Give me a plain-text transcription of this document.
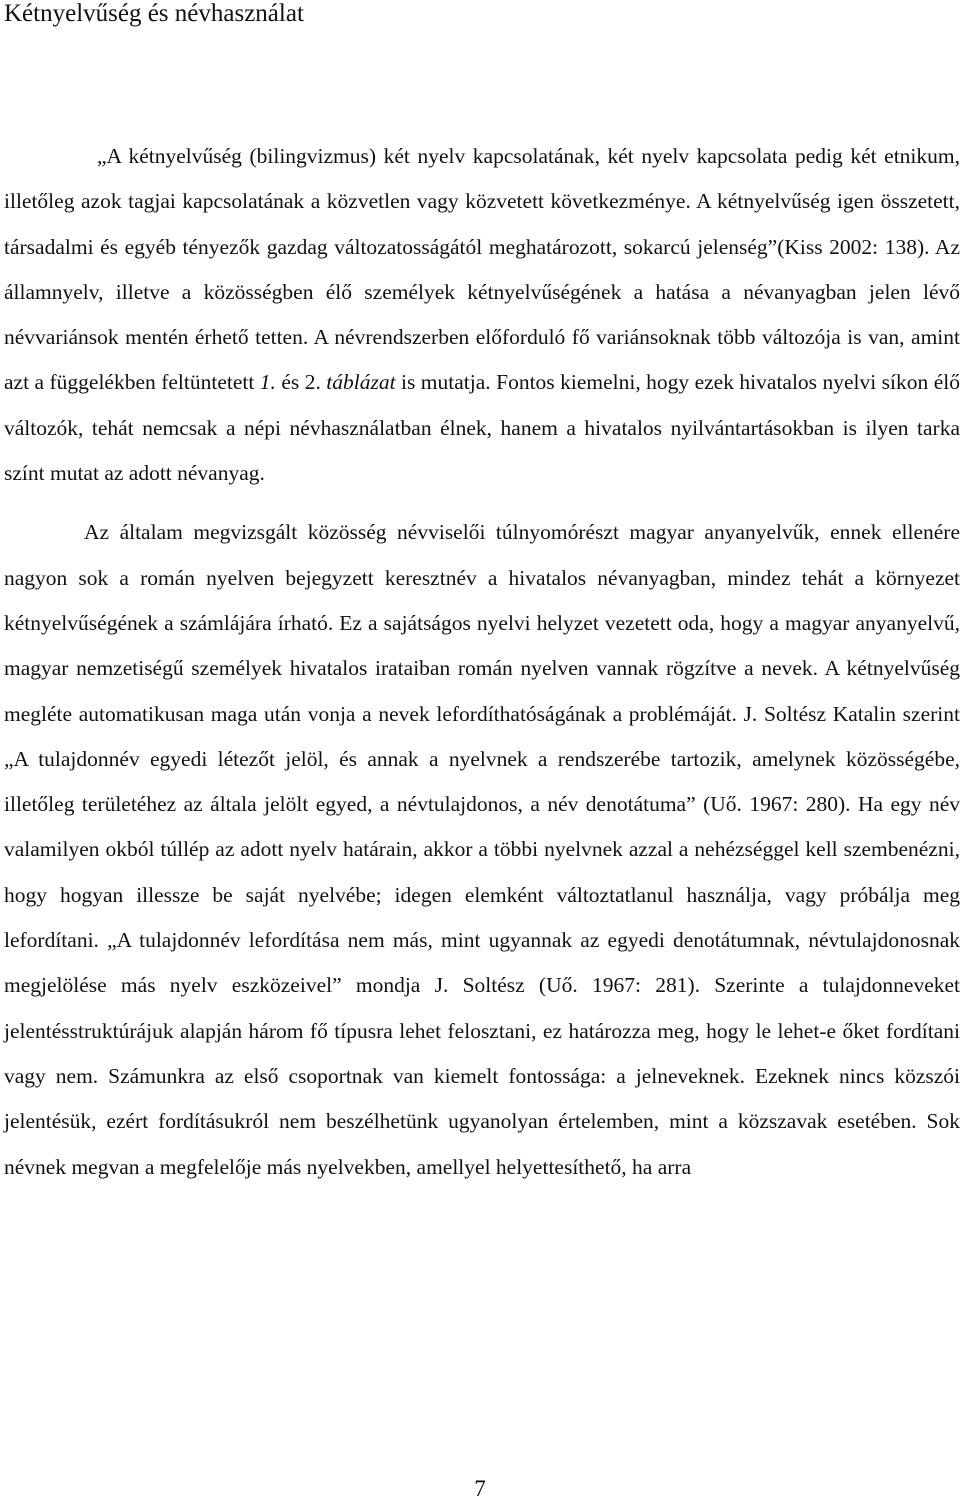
Kétnyelvűség és névhasználat

„A kétnyelvűség (bilingvizmus) két nyelv kapcsolatának, két nyelv kapcsolata pedig két etnikum, illetőleg azok tagjai kapcsolatának a közvetlen vagy közvetett következménye. A kétnyelvűség igen összetett, társadalmi és egyéb tényezők gazdag változatosságától meghatározott, sokarcú jelenség”(Kiss 2002: 138). Az államnyelv, illetve a közösségben élő személyek kétnyelvűségének a hatása a névanyagban jelen lévő névvariánsok mentén érhető tetten. A névrendszerben előforduló fő variánsoknak több változója is van, amint azt a függelékben feltüntetett 1. és 2. táblázat is mutatja. Fontos kiemelni, hogy ezek hivatalos nyelvi síkon élő változók, tehát nemcsak a népi névhasználatban élnek, hanem a hivatalos nyilvántartásokban is ilyen tarka színt mutat az adott névanyag.

Az általam megvizsgált közösség névviselői túlnyomórészt magyar anyanyelvűk, ennek ellenére nagyon sok a román nyelven bejegyzett keresztnév a hivatalos névanyagban, mindez tehát a környezet kétnyelvűségének a számlájára írható. Ez a sajátságos nyelvi helyzet vezetett oda, hogy a magyar anyanyelvű, magyar nemzetiségű személyek hivatalos irataiban román nyelven vannak rögzítve a nevek. A kétnyelvűség megléte automatikusan maga után vonja a nevek lefordíthatóságának a problémáját. J. Soltész Katalin szerint „A tulajdonnév egyedi létezőt jelöl, és annak a nyelvnek a rendszerébe tartozik, amelynek közösségébe, illetőleg területéhez az általa jelölt egyed, a névtulajdonos, a név denotátuma” (Uő. 1967: 280). Ha egy név valamilyen okból túllép az adott nyelv határain, akkor a többi nyelvnek azzal a nehézséggel kell szembenézni, hogy hogyan illessze be saját nyelvébe; idegen elemként változtatlanul használja, vagy próbálja meg lefordítani. „A tulajdonnév lefordítása nem más, mint ugyannak az egyedi denotátumnak, névtulajdonosnak megjelölése más nyelv eszközeivel” mondja J. Soltész (Uő. 1967: 281). Szerinte a tulajdonneveket jelentésstruktúrájuk alapján három fő típusra lehet felosztani, ez határozza meg, hogy le lehet-e őket fordítani vagy nem. Számunkra az első csoportnak van kiemelt fontossága: a jelneveknek. Ezeknek nincs közszói jelentésük, ezért fordításukról nem beszélhetünk ugyanolyan értelemben, mint a közszavak esetében. Sok névnek megvan a megfelelője más nyelvekben, amellyel helyettesíthető, ha arra

7
